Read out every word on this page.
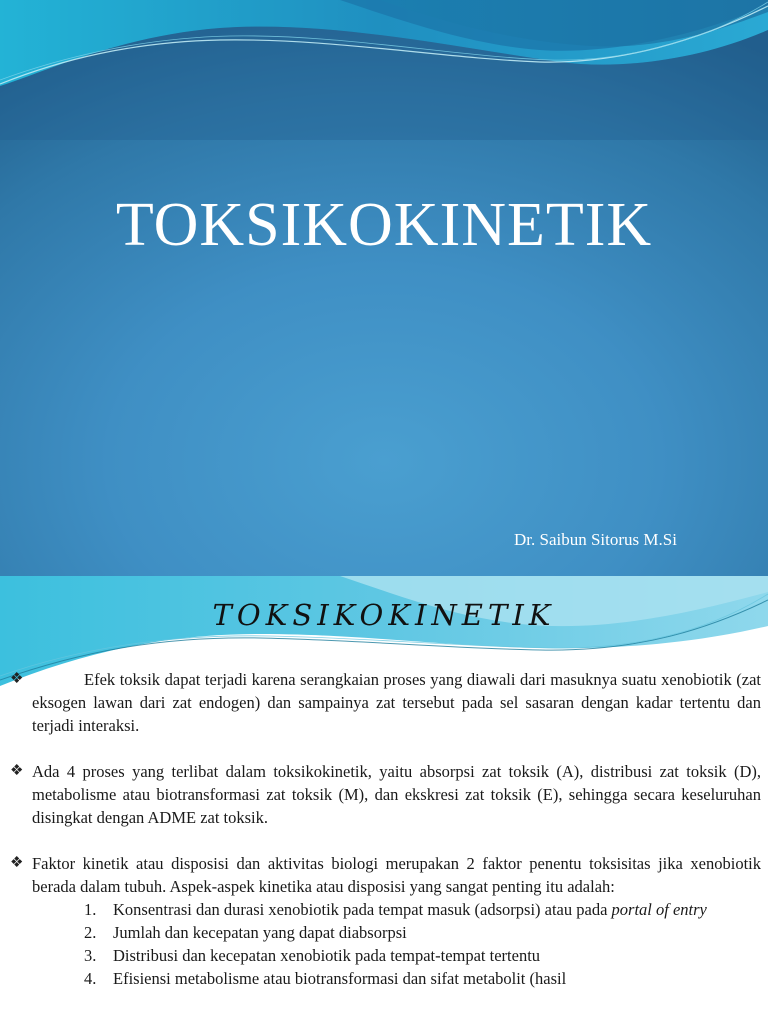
TOKSIKOKINETIK
Dr. Saibun Sitorus M.Si
TOKSIKOKINETIK
❖	Efek toksik dapat terjadi karena serangkaian proses yang diawali dari masuknya suatu xenobiotik (zat eksogen lawan dari zat endogen) dan sampainya zat tersebut pada sel sasaran dengan kadar tertentu dan terjadi interaksi.

❖ Ada 4 proses yang terlibat dalam toksikokinetik, yaitu absorpsi zat toksik (A), distribusi zat toksik (D), metabolisme atau biotransformasi zat toksik (M), dan ekskresi zat toksik (E), sehingga secara keseluruhan disingkat dengan ADME zat toksik.

❖ Faktor kinetik atau disposisi dan aktivitas biologi merupakan 2 faktor penentu toksisitas jika xenobiotik berada dalam tubuh. Aspek-aspek kinetika atau disposisi yang sangat penting itu adalah:

1. Konsentrasi dan durasi xenobiotik pada tempat masuk (adsorpsi) atau pada portal of entry
2. Jumlah dan kecepatan yang dapat diabsorpsi
3. Distribusi dan kecepatan xenobiotik pada tempat-tempat tertentu
4. Efisiensi metabolisme atau biotransformasi dan sifat metabolit (hasil
